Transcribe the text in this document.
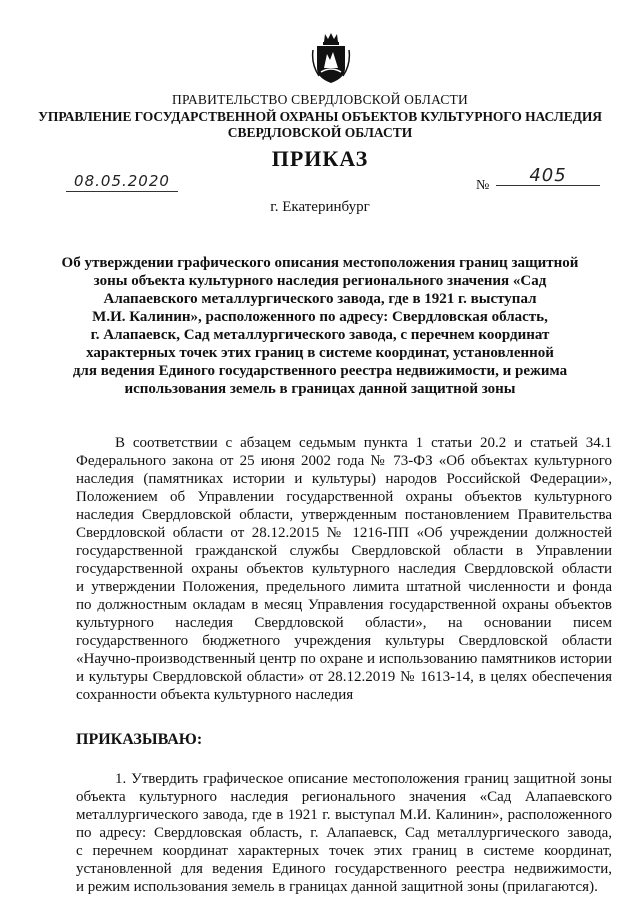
ПРАВИТЕЛЬСТВО СВЕРДЛОВСКОЙ ОБЛАСТИ
УПРАВЛЕНИЕ ГОСУДАРСТВЕННОЙ ОХРАНЫ ОБЪЕКТОВ КУЛЬТУРНОГО НАСЛЕДИЯ
СВЕРДЛОВСКОЙ ОБЛАСТИ
ПРИКАЗ
08.05.2020	№	405
г. Екатеринбург
Об утверждении графического описания местоположения границ защитной
зоны объекта культурного наследия регионального значения «Сад
Алапаевского металлургического завода, где в 1921 г. выступал
М.И. Калинин», расположенного по адресу: Свердловская область,
г. Алапаевск, Сад металлургического завода, с перечнем координат
характерных точек этих границ в системе координат, установленной
для ведения Единого государственного реестра недвижимости, и режима
использования земель в границах данной защитной зоны
В соответствии с абзацем седьмым пункта 1 статьи 20.2 и статьей 34.1
Федерального закона от 25 июня 2002 года № 73-ФЗ «Об объектах культурного
наследия (памятниках истории и культуры) народов Российской Федерации»,
Положением об Управлении государственной охраны объектов культурного
наследия Свердловской области, утвержденным постановлением Правительства
Свердловской области от 28.12.2015 № 1216-ПП «Об учреждении должностей
государственной гражданской службы Свердловской области в Управлении
государственной охраны объектов культурного наследия Свердловской области
и утверждении Положения, предельного лимита штатной численности и фонда
по должностным окладам в месяц Управления государственной охраны объектов
культурного наследия Свердловской области», на основании писем
государственного бюджетного учреждения культуры Свердловской области
«Научно-производственный центр по охране и использованию памятников истории
и культуры Свердловской области» от 28.12.2019 № 1613-14, в целях обеспечения
сохранности объекта культурного наследия
ПРИКАЗЫВАЮ:
1. Утвердить графическое описание местоположения границ защитной зоны
объекта культурного наследия регионального значения «Сад Алапаевского
металлургического завода, где в 1921 г. выступал М.И. Калинин», расположенного
по адресу: Свердловская область, г. Алапаевск, Сад металлургического завода,
с перечнем координат характерных точек этих границ в системе координат,
установленной для ведения Единого государственного реестра недвижимости,
и режим использования земель в границах данной защитной зоны (прилагаются).
